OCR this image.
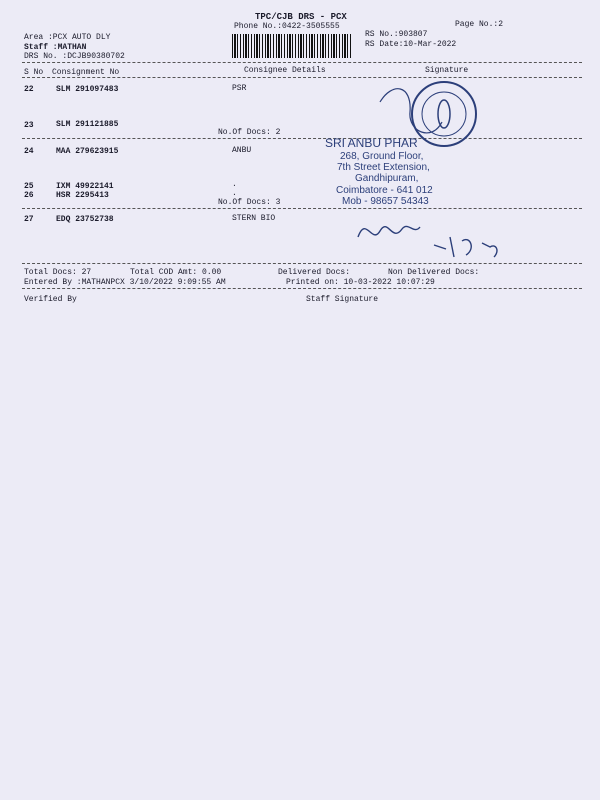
TPC/CJB DRS - PCX
Phone No.:0422-3505555	Page No.:2
Area :PCX AUTO DLY
Staff :MATHAN
DRS No. :DCJB90380702
RS No.:903807
RS Date:10-Mar-2022
S No Consignment No	Consignee Details	Signature
22	SLM 291097483	PSR
23	SLM 291121885
No.Of Docs: 2
24	MAA 279623915	ANBU
25	IXM 49922141	.
26	HSR 2295413	.
No.Of Docs: 3
27	EDQ 23752738	STERN BIO
SRI ANBU PHAR
268, Ground Floor,
7th Street Extension,
Gandhipuram,
Coimbatore - 641 012
Mob - 98657 54343
Total Docs: 27	Total COD Amt: 0.00	Delivered Docs:	Non Delivered Docs:
Entered By :MATHANPCX 3/10/2022 9:09:55 AM	Printed on: 10-03-2022 10:07:29
Verified By	Staff Signature
